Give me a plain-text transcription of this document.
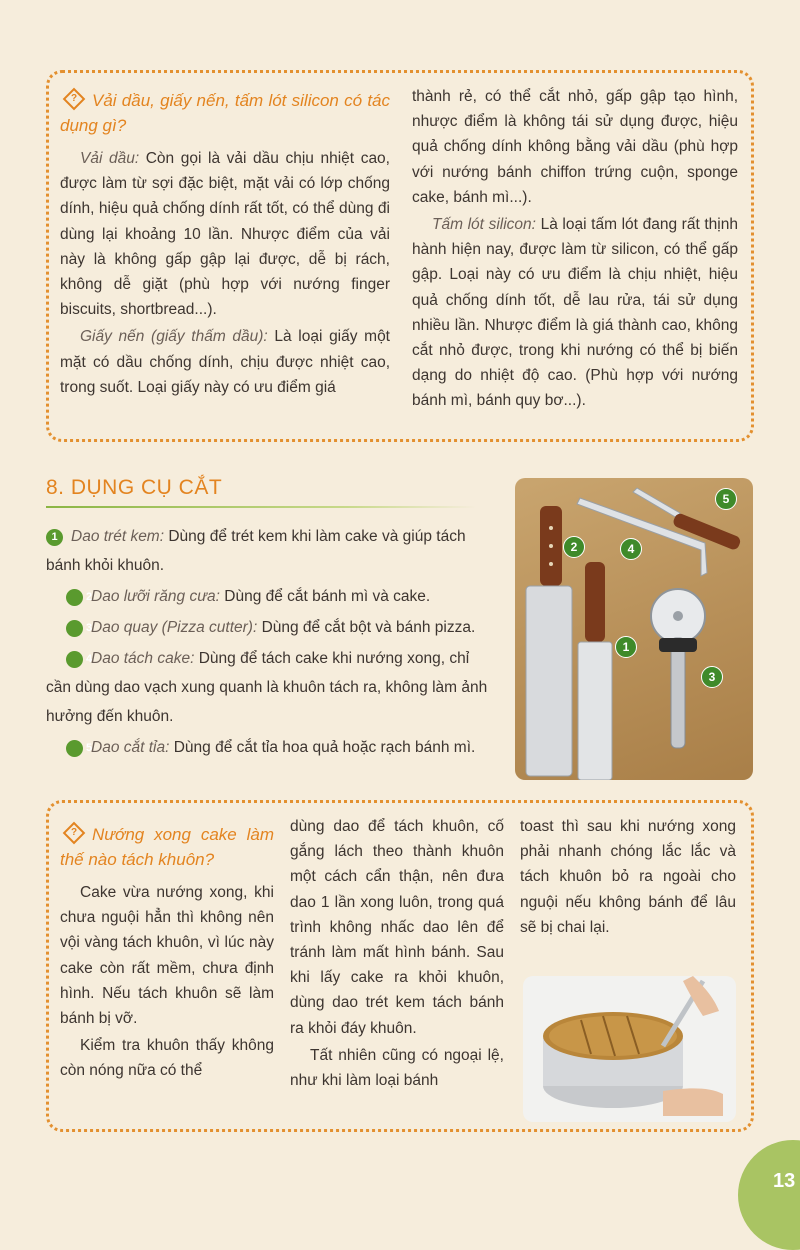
? Vải dầu, giấy nến, tấm lót silicon có tác dụng gì?

Vải dầu: Còn gọi là vải dầu chịu nhiệt cao, được làm từ sợi đặc biệt, mặt vải có lớp chống dính, hiệu quả chống dính rất tốt, có thể dùng đi dùng lại khoảng 10 lần. Nhược điểm của vải này là không gấp gập lại được, dễ bị rách, không dễ giặt (phù hợp với nướng finger biscuits, shortbread...).

Giấy nến (giấy thấm dầu): Là loại giấy một mặt có dầu chống dính, chịu được nhiệt cao, trong suốt. Loại giấy này có ưu điểm giá

thành rẻ, có thể cắt nhỏ, gấp gập tạo hình, nhược điểm là không tái sử dụng được, hiệu quả chống dính không bằng vải dầu (phù hợp với nướng bánh chiffon trứng cuộn, sponge cake, bánh mì...).

Tấm lót silicon: Là loại tấm lót đang rất thịnh hành hiện nay, được làm từ silicon, có thể gấp gập. Loại này có ưu điểm là chịu nhiệt, hiệu quả chống dính tốt, dễ lau rửa, tái sử dụng nhiều lần. Nhược điểm là giá thành cao, không cắt nhỏ được, trong khi nướng có thể bị biến dạng do nhiệt độ cao. (Phù hợp với nướng bánh mì, bánh quy bơ...).

8. DỤNG CỤ CẮT

1 Dao trét kem: Dùng để trét kem khi làm cake và giúp tách bánh khỏi khuôn.

2Dao lưỡi răng cưa: Dùng để cắt bánh mì và cake.

3Dao quay (Pizza cutter): Dùng để cắt bột và bánh pizza.

4Dao tách cake: Dùng để tách cake khi nướng xong, chỉ cần dùng dao vạch xung quanh là khuôn tách ra, không làm ảnh hưởng đến khuôn.

5Dao cắt tỉa: Dùng để cắt tỉa hoa quả hoặc rạch bánh mì.

1
2
3
4
5
? Nướng xong cake làm thế nào tách khuôn?

Cake vừa nướng xong, khi chưa nguội hẳn thì không nên vội vàng tách khuôn, vì lúc này cake còn rất mềm, chưa định hình. Nếu tách khuôn sẽ làm bánh bị vỡ.

Kiểm tra khuôn thấy không còn nóng nữa có thể

dùng dao để tách khuôn, cố gắng lách theo thành khuôn một cách cẩn thận, nên đưa dao 1 lần xong luôn, trong quá trình không nhấc dao lên để tránh làm mất hình bánh. Sau khi lấy cake ra khỏi khuôn, dùng dao trét kem tách bánh ra khỏi đáy khuôn.

Tất nhiên cũng có ngoại lệ, như khi làm loại bánh

toast thì sau khi nướng xong phải nhanh chóng lắc lắc và tách khuôn bỏ ra ngoài cho nguội nếu không bánh để lâu sẽ bị chai lại.

13
